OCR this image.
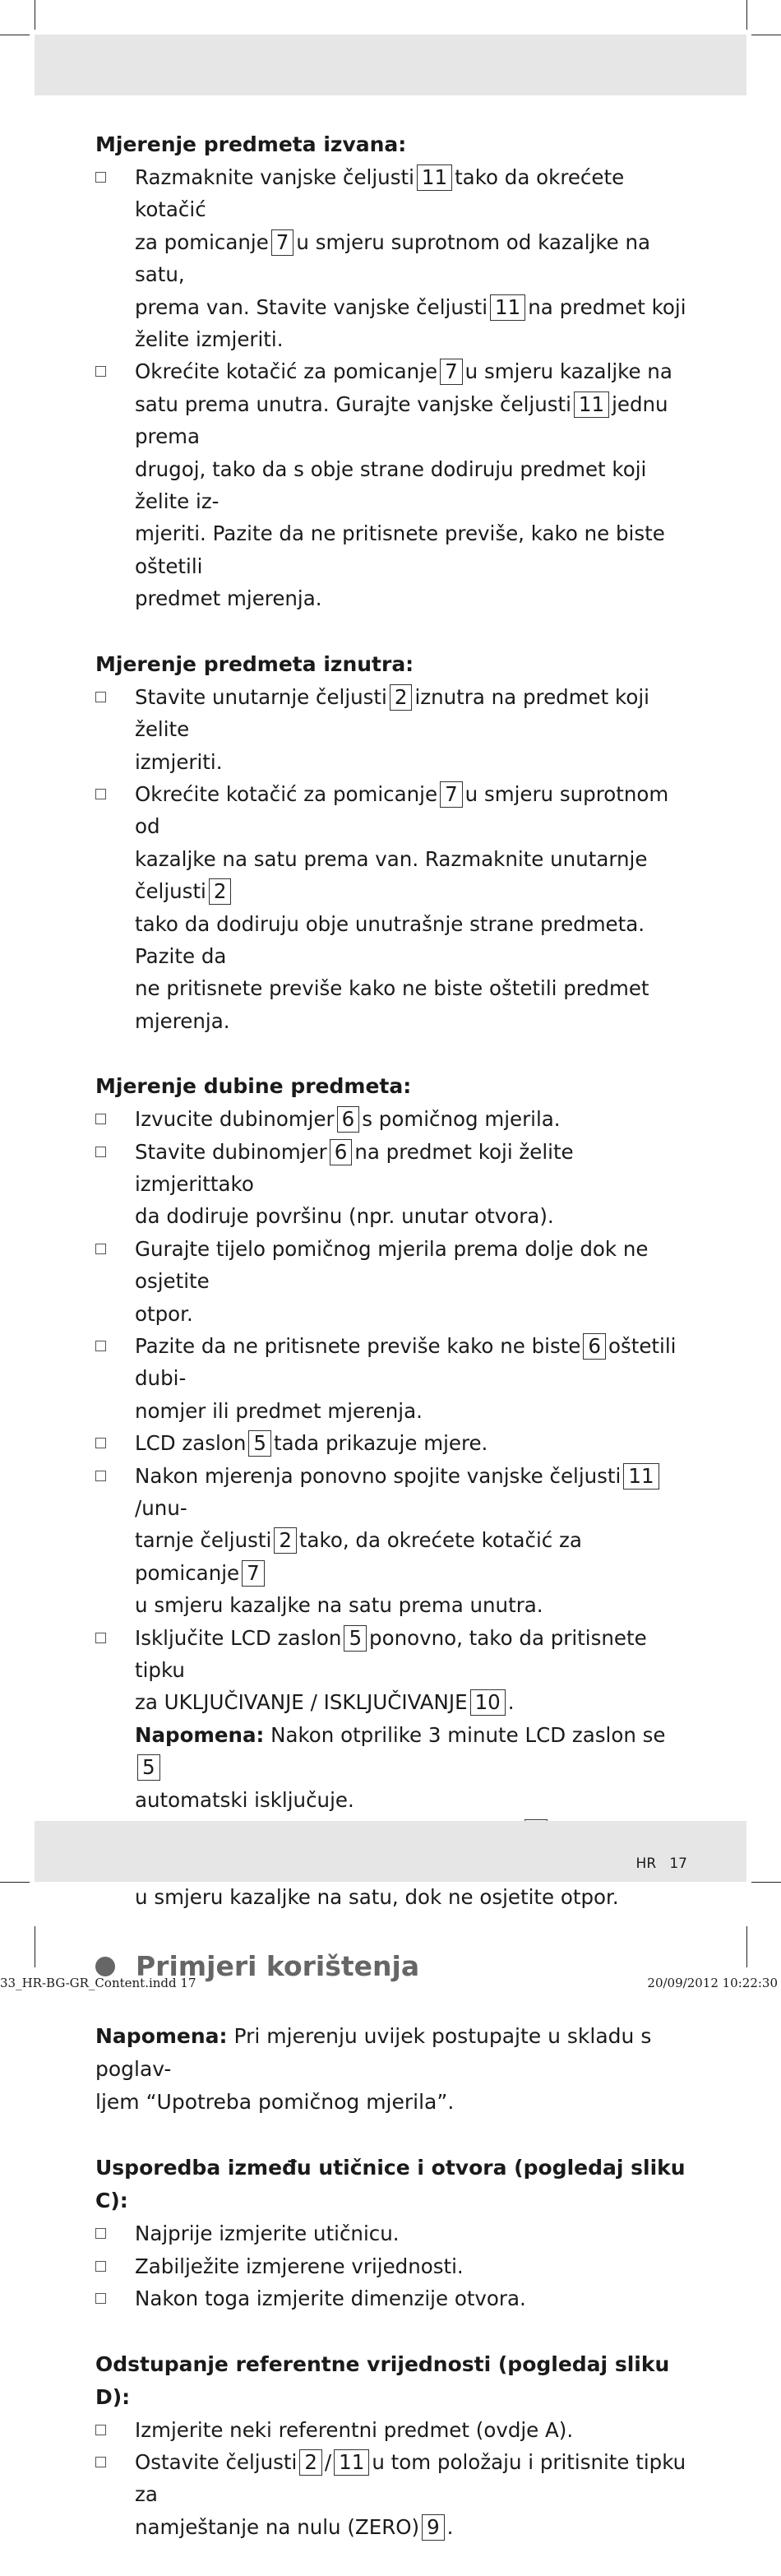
Mjerenje predmeta izvana:
Razmaknite vanjske čeljusti 11 tako da okrećete kotačić
za pomicanje 7 u smjeru suprotnom od kazaljke na satu,
prema van. Stavite vanjske čeljusti 11 na predmet koji
želite izmjeriti.
Okrećite kotačić za pomicanje 7 u smjeru kazaljke na
satu prema unutra. Gurajte vanjske čeljusti 11 jednu prema
drugoj, tako da s obje strane dodiruju predmet koji želite iz-
mjeriti. Pazite da ne pritisnete previše, kako ne biste oštetili
predmet mjerenja.
Mjerenje predmeta iznutra:
Stavite unutarnje čeljusti 2 iznutra na predmet koji želite
izmjeriti.
Okrećite kotačić za pomicanje 7 u smjeru suprotnom od
kazaljke na satu prema van. Razmaknite unutarnje čeljusti 2
tako da dodiruju obje unutrašnje strane predmeta. Pazite da
ne pritisnete previše kako ne biste oštetili predmet mjerenja.
Mjerenje dubine predmeta:
Izvucite dubinomjer 6 s pomičnog mjerila.
Stavite dubinomjer 6 na predmet koji želite izmjerittako
da dodiruje površinu (npr. unutar otvora).
Gurajte tijelo pomičnog mjerila prema dolje dok ne osjetite
otpor.
Pazite da ne pritisnete previše kako ne biste 6 oštetili dubi-
nomjer ili predmet mjerenja.
LCD zaslon 5 tada prikazuje mjere.
Nakon mjerenja ponovno spojite vanjske čeljusti 11/unu-
tarnje čeljusti 2 tako, da okrećete kotačić za pomicanje 7
u smjeru kazaljke na satu prema unutra.
Isključite LCD zaslon 5 ponovno, tako da pritisnete tipku
za UKLJUČIVANJE / ISKLJUČIVANJE 10 .
Napomena: Nakon otprilike 3 minute LCD zaslon se5
automatski isključuje.

u smjeru kazaljke na satu, dok ne osjetite otpor.
Primjeri korištenja
Napomena: Pri mjerenju uvijek postupajte u skladu s poglav-
ljem “Upotreba pomičnog mjerila”.
Usporedba između utičnice i otvora (pogledaj sliku C):
Najprije izmjerite utičnicu.
Zabilježite izmjerene vrijednosti.
Nakon toga izmjerite dimenzije otvora.
Odstupanje referentne vrijednosti (pogledaj sliku D):
Izmjerite neki referentni predmet (ovdje A).
Ostavite čeljusti 2 / 11 u tom položaju i pritisnite tipku za
namještanje na nulu (ZERO) 9 .
HR 17
33_HR-BG-GR_Content.indd 17	20/09/2012 10:22:30
